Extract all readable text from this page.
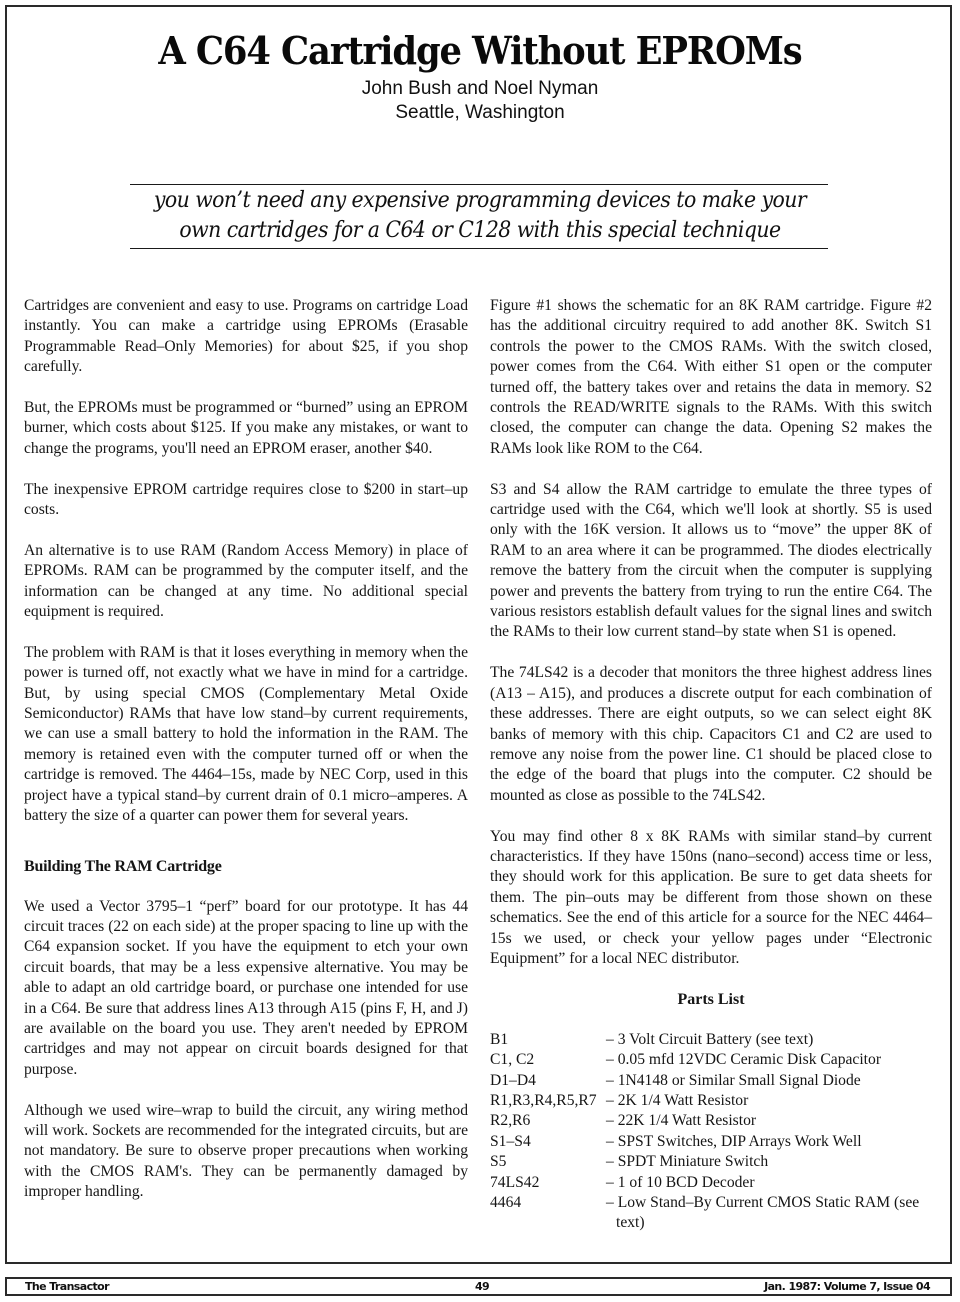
A C64 Cartridge Without EPROMs
John Bush and Noel Nyman
Seattle, Washington
you won’t need any expensive programming devices to make your own cartridges for a C64 or C128 with this special technique

Cartridges are convenient and easy to use. Programs on cartridge Load instantly. You can make a cartridge using EPROMs (Erasable Programmable Read–Only Memories) for about $25, if you shop carefully.

But, the EPROMs must be programmed or “burned” using an EPROM burner, which costs about $125. If you make any mistakes, or want to change the programs, you'll need an EPROM eraser, another $40.

The inexpensive EPROM cartridge requires close to $200 in start–up costs.

An alternative is to use RAM (Random Access Memory) in place of EPROMs. RAM can be programmed by the computer itself, and the information can be changed at any time. No additional special equipment is required.

The problem with RAM is that it loses everything in memory when the power is turned off, not exactly what we have in mind for a cartridge. But, by using special CMOS (Complementary Metal Oxide Semiconductor) RAMs that have low stand–by current requirements, we can use a small battery to hold the information in the RAM. The memory is retained even with the computer turned off or when the cartridge is removed. The 4464–15s, made by NEC Corp, used in this project have a typical stand–by current drain of 0.1 micro–amperes. A battery the size of a quarter can power them for several years.

Building The RAM Cartridge

We used a Vector 3795–1 “perf” board for our prototype. It has 44 circuit traces (22 on each side) at the proper spacing to line up with the C64 expansion socket. If you have the equipment to etch your own circuit boards, that may be a less expensive alternative. You may be able to adapt an old cartridge board, or purchase one intended for use in a C64. Be sure that address lines A13 through A15 (pins F, H, and J) are available on the board you use. They aren't needed by EPROM cartridges and may not appear on circuit boards designed for that purpose.

Although we used wire–wrap to build the circuit, any wiring method will work. Sockets are recommended for the integrated circuits, but are not mandatory. Be sure to observe proper precautions when working with the CMOS RAM's. They can be permanently damaged by improper handling.

Figure #1 shows the schematic for an 8K RAM cartridge. Figure #2 has the additional circuitry required to add another 8K. Switch S1 controls the power to the CMOS RAMs. With the switch closed, power comes from the C64. With either S1 open or the computer turned off, the battery takes over and retains the data in memory. S2 controls the READ/WRITE signals to the RAMs. With this switch closed, the computer can change the data. Opening S2 makes the RAMs look like ROM to the C64.

S3 and S4 allow the RAM cartridge to emulate the three types of cartridge used with the C64, which we'll look at shortly. S5 is used only with the 16K version. It allows us to “move” the upper 8K of RAM to an area where it can be programmed. The diodes electrically remove the battery from the circuit when the computer is supplying power and prevents the battery from trying to run the entire C64. The various resistors establish default values for the signal lines and switch the RAMs to their low current stand–by state when S1 is opened.

The 74LS42 is a decoder that monitors the three highest address lines (A13 – A15), and produces a discrete output for each combination of these addresses. There are eight outputs, so we can select eight 8K banks of memory with this chip. Capacitors C1 and C2 are used to remove any noise from the power line. C1 should be placed close to the edge of the board that plugs into the computer. C2 should be mounted as close as possible to the 74LS42.

You may find other 8 x 8K RAMs with similar stand–by current characteristics. If they have 150ns (nano–second) access time or less, they should work for this application. Be sure to get data sheets for them. The pin–outs may be different from those shown on these schematics. See the end of this article for a source for the NEC 4464–15s we used, or check your yellow pages under “Electronic Equipment” for a local NEC distributor.

Parts List
B1	– 3 Volt Circuit Battery (see text)

C1, C2	– 0.05 mfd 12VDC Ceramic Disk Capacitor

D1–D4	– 1N4148 or Similar Small Signal Diode

R1,R3,R4,R5,R7	– 2K 1/4 Watt Resistor

R2,R6	– 22K 1/4 Watt Resistor

S1–S4	– SPST Switches, DIP Arrays Work Well

S5	– SPDT Miniature Switch

74LS42	– 1 of 10 BCD Decoder

4464	– Low Stand–By Current CMOS Static RAM (see text)
The Transactor	49	Jan. 1987: Volume 7, Issue 04
